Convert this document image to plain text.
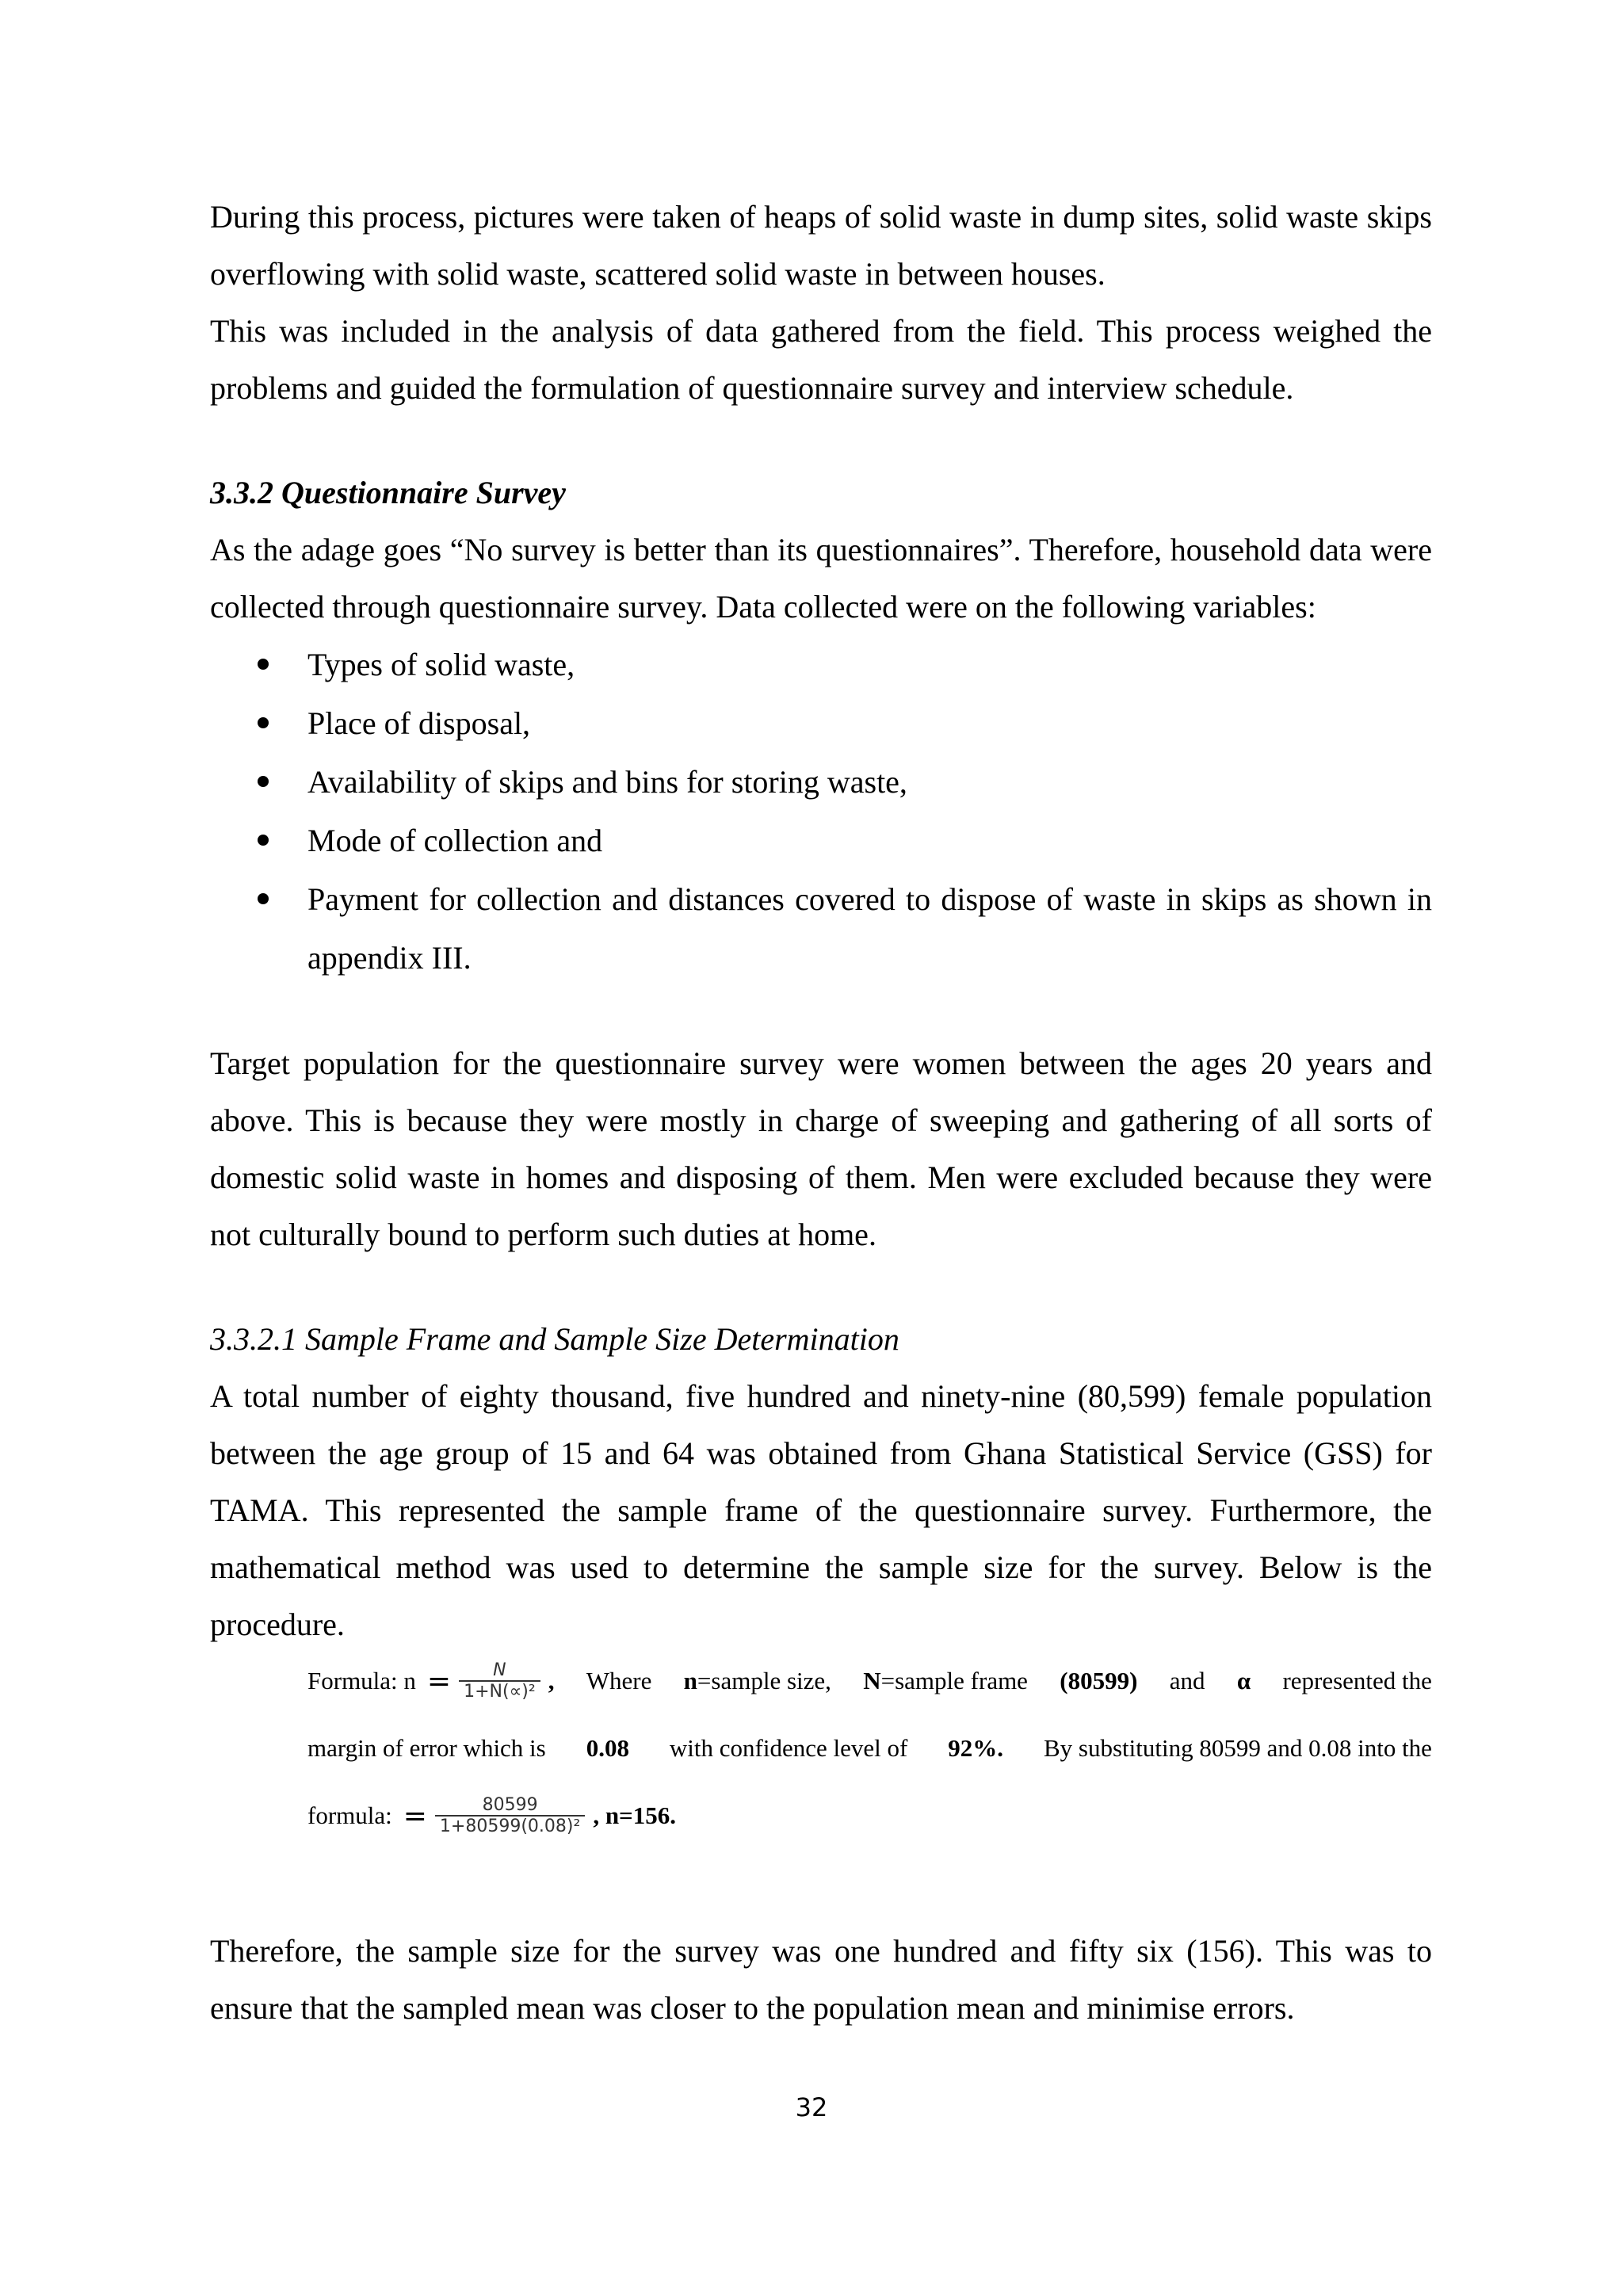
During this process, pictures were taken of heaps of solid waste in dump sites, solid waste skips overflowing with solid waste, scattered solid waste in between houses.

This was included in the analysis of data gathered from the field. This process weighed the problems and guided the formulation of questionnaire survey and interview schedule.

3.3.2 Questionnaire Survey

As the adage goes “No survey is better than its questionnaires”. Therefore, household data were collected through questionnaire survey. Data collected were on the following variables:

Types of solid waste,
Place of disposal,
Availability of skips and bins for storing waste,
Mode of collection and
Payment for collection and distances covered to dispose of waste in skips as shown in appendix III.

Target population for the questionnaire survey were women between the ages 20 years and above. This is because they were mostly in charge of sweeping and gathering of all sorts of domestic solid waste in homes and disposing of them. Men were excluded because they were not culturally bound to perform such duties at home.

3.3.2.1 Sample Frame and Sample Size Determination

A total number of eighty thousand, five hundred and ninety-nine (80,599) female population between the age group of 15 and 64 was obtained from Ghana Statistical Service (GSS) for TAMA. This represented the sample frame of the questionnaire survey. Furthermore, the mathematical method was used to determine the sample size for the survey. Below is the procedure.

Formula: $n = \frac{N}{\text{1+N(∝)²}}$ , Where n=sample size, N=sample frame (80599) and α represented the
margin of error which is 0.08 with confidence level of 92%. By substituting 80599 and 0.08 into the
formula: = $\frac{80599}{\text{1+80599(0.08)²}}$ , n=156.

Therefore, the sample size for the survey was one hundred and fifty six (156). This was to ensure that the sampled mean was closer to the population mean and minimise errors.

32
